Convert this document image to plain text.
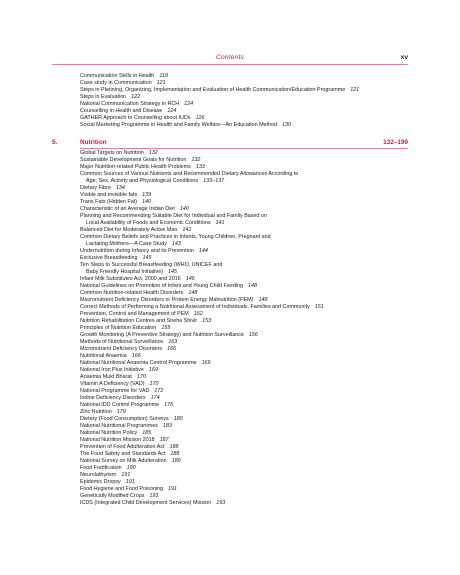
Contents	xv
Communication Skills in Health 119
Case study in Communication 121
Steps in Planning, Organizing, Implementation and Evaluation of Health Communication/Education Programme 121
Steps in Evaluation 122
National Communication Strategy in RCH 124
Counselling in Health and Disease 124
GATHER Approach to Counselling about IUDs 126
Social Marketing Programme in Health and Family Welfare—An Education Method 130
5.	Nutrition	132–199
Global Targets on Nutrition 132
Sustainable Development Goals for Nutrition 132
Major Nutrition-related Public Health Problems 133
Common Sources of Various Nutrients and Recommended Dietary Allowances According to
Age, Sex, Activity and Physiological Conditions 133–137
Dietary Fibre 134
Visible and invisible fats 139
Trans Fats (Hidden Fat) 140
Characteristic of an Average Indian Diet 140
Planning and Recommending Suitable Diet for Individual and Family Based on
Local Availability of Foods and Economic Conditions 141
Balanced Diet for Moderately Active Man 141
Common Dietary Beliefs and Practices in Infants, Young Children, Pregnant and
Lactating Mothers—A Case Study 143
Undernutrition during Infancy and its Prevention 144
Exclusive Breastfeeding 145
Ten Steps to Successful Breastfeeding (WHO, UNICEF and
Baby Friendly Hospital Initiative) 145
Infant Milk Substitutes Act, 2000 and 2016 146
National Guidelines on Promotion of Infant and Young Child Feeding 148
Common Nutrition-related Health Disorders 148
Macronutrient Deficiency Disorders or Protein Energy Malnutrition (PEM) 148
Correct Methods of Performing a Nutritional Assessment of Individuals, Families and Community 151
Prevention, Control and Management of PEM 152
Nutrition Rehabilitation Centres and Sneha Shivir 153
Principles of Nutrition Education 155
Growth Monitoring (A Preventive Strategy) and Nutrition Surveillance 156
Methods of Nutritional Surveillance 163
Micronutrient Deficiency Disorders 166
Nutritional Anaemia 166
National Nutritional Anaemia Control Programme 169
National Iron Plus Initiative 169
Anaemia Mukt Bharat 170
Vitamin A Deficiency (VAD) 170
National Programme for VAD 172
Iodine Deficiency Disorders 174
National IDD Control Programme 176
Zinc Nutrition 179
Dietary (Food Consumption) Surveys 180
National Nutritional Programmes 183
National Nutrition Policy 185
National Nutrition Mission 2018 187
Prevention of Food Adulteration Act 188
The Food Safety and Standards Act 188
National Survey on Milk Adulteration 189
Food Fortification 190
Neurolathyrism 191
Epidemic Dropsy 191
Food Hygiene and Food Poisoning 191
Genetically Modified Crops 193
ICDS (Integrated Child Development Services) Mission 193
